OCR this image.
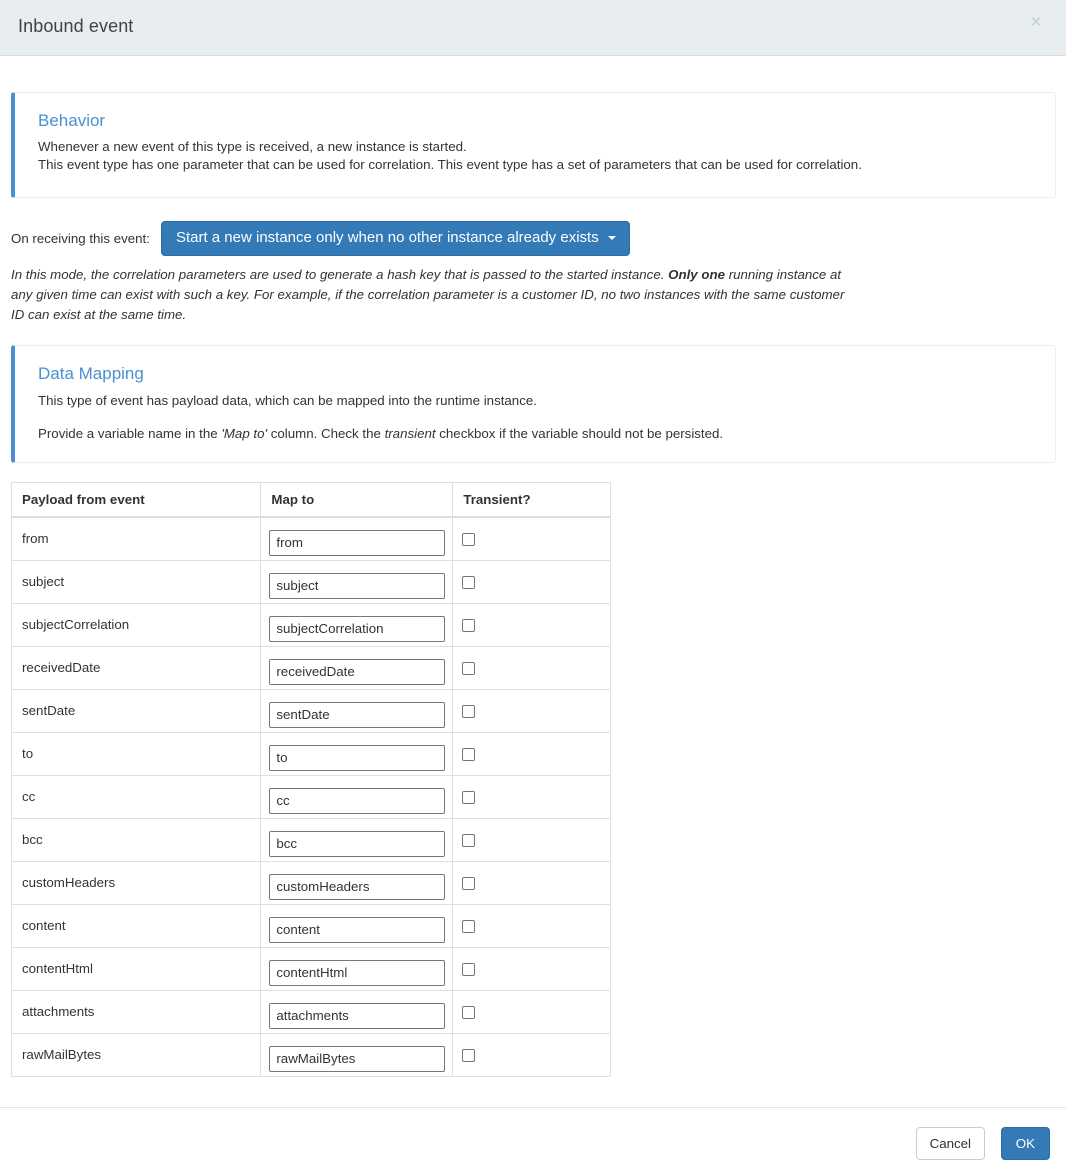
Inbound event	×
Behavior
Whenever a new event of this type is received, a new instance is started.
This event type has one parameter that can be used for correlation. This event type has a set of parameters that can be used for correlation.
On receiving this event: Start a new instance only when no other instance already exists
In this mode, the correlation parameters are used to generate a hash key that is passed to the started instance. Only one running instance at any given time can exist with such a key. For example, if the correlation parameter is a customer ID, no two instances with the same customer ID can exist at the same time.
Data Mapping
This type of event has payload data, which can be mapped into the runtime instance.
Provide a variable name in the 'Map to' column. Check the transient checkbox if the variable should not be persisted.
Payload from event	Map to	Transient?
from	from	
subject	subject	
subjectCorrelation	subjectCorrelation	
receivedDate	receivedDate	
sentDate	sentDate	
to	to	
cc	cc	
bcc	bcc	
customHeaders	customHeaders	
content	content	
contentHtml	contentHtml	
attachments	attachments	
rawMailBytes	rawMailBytes	
Cancel	OK
